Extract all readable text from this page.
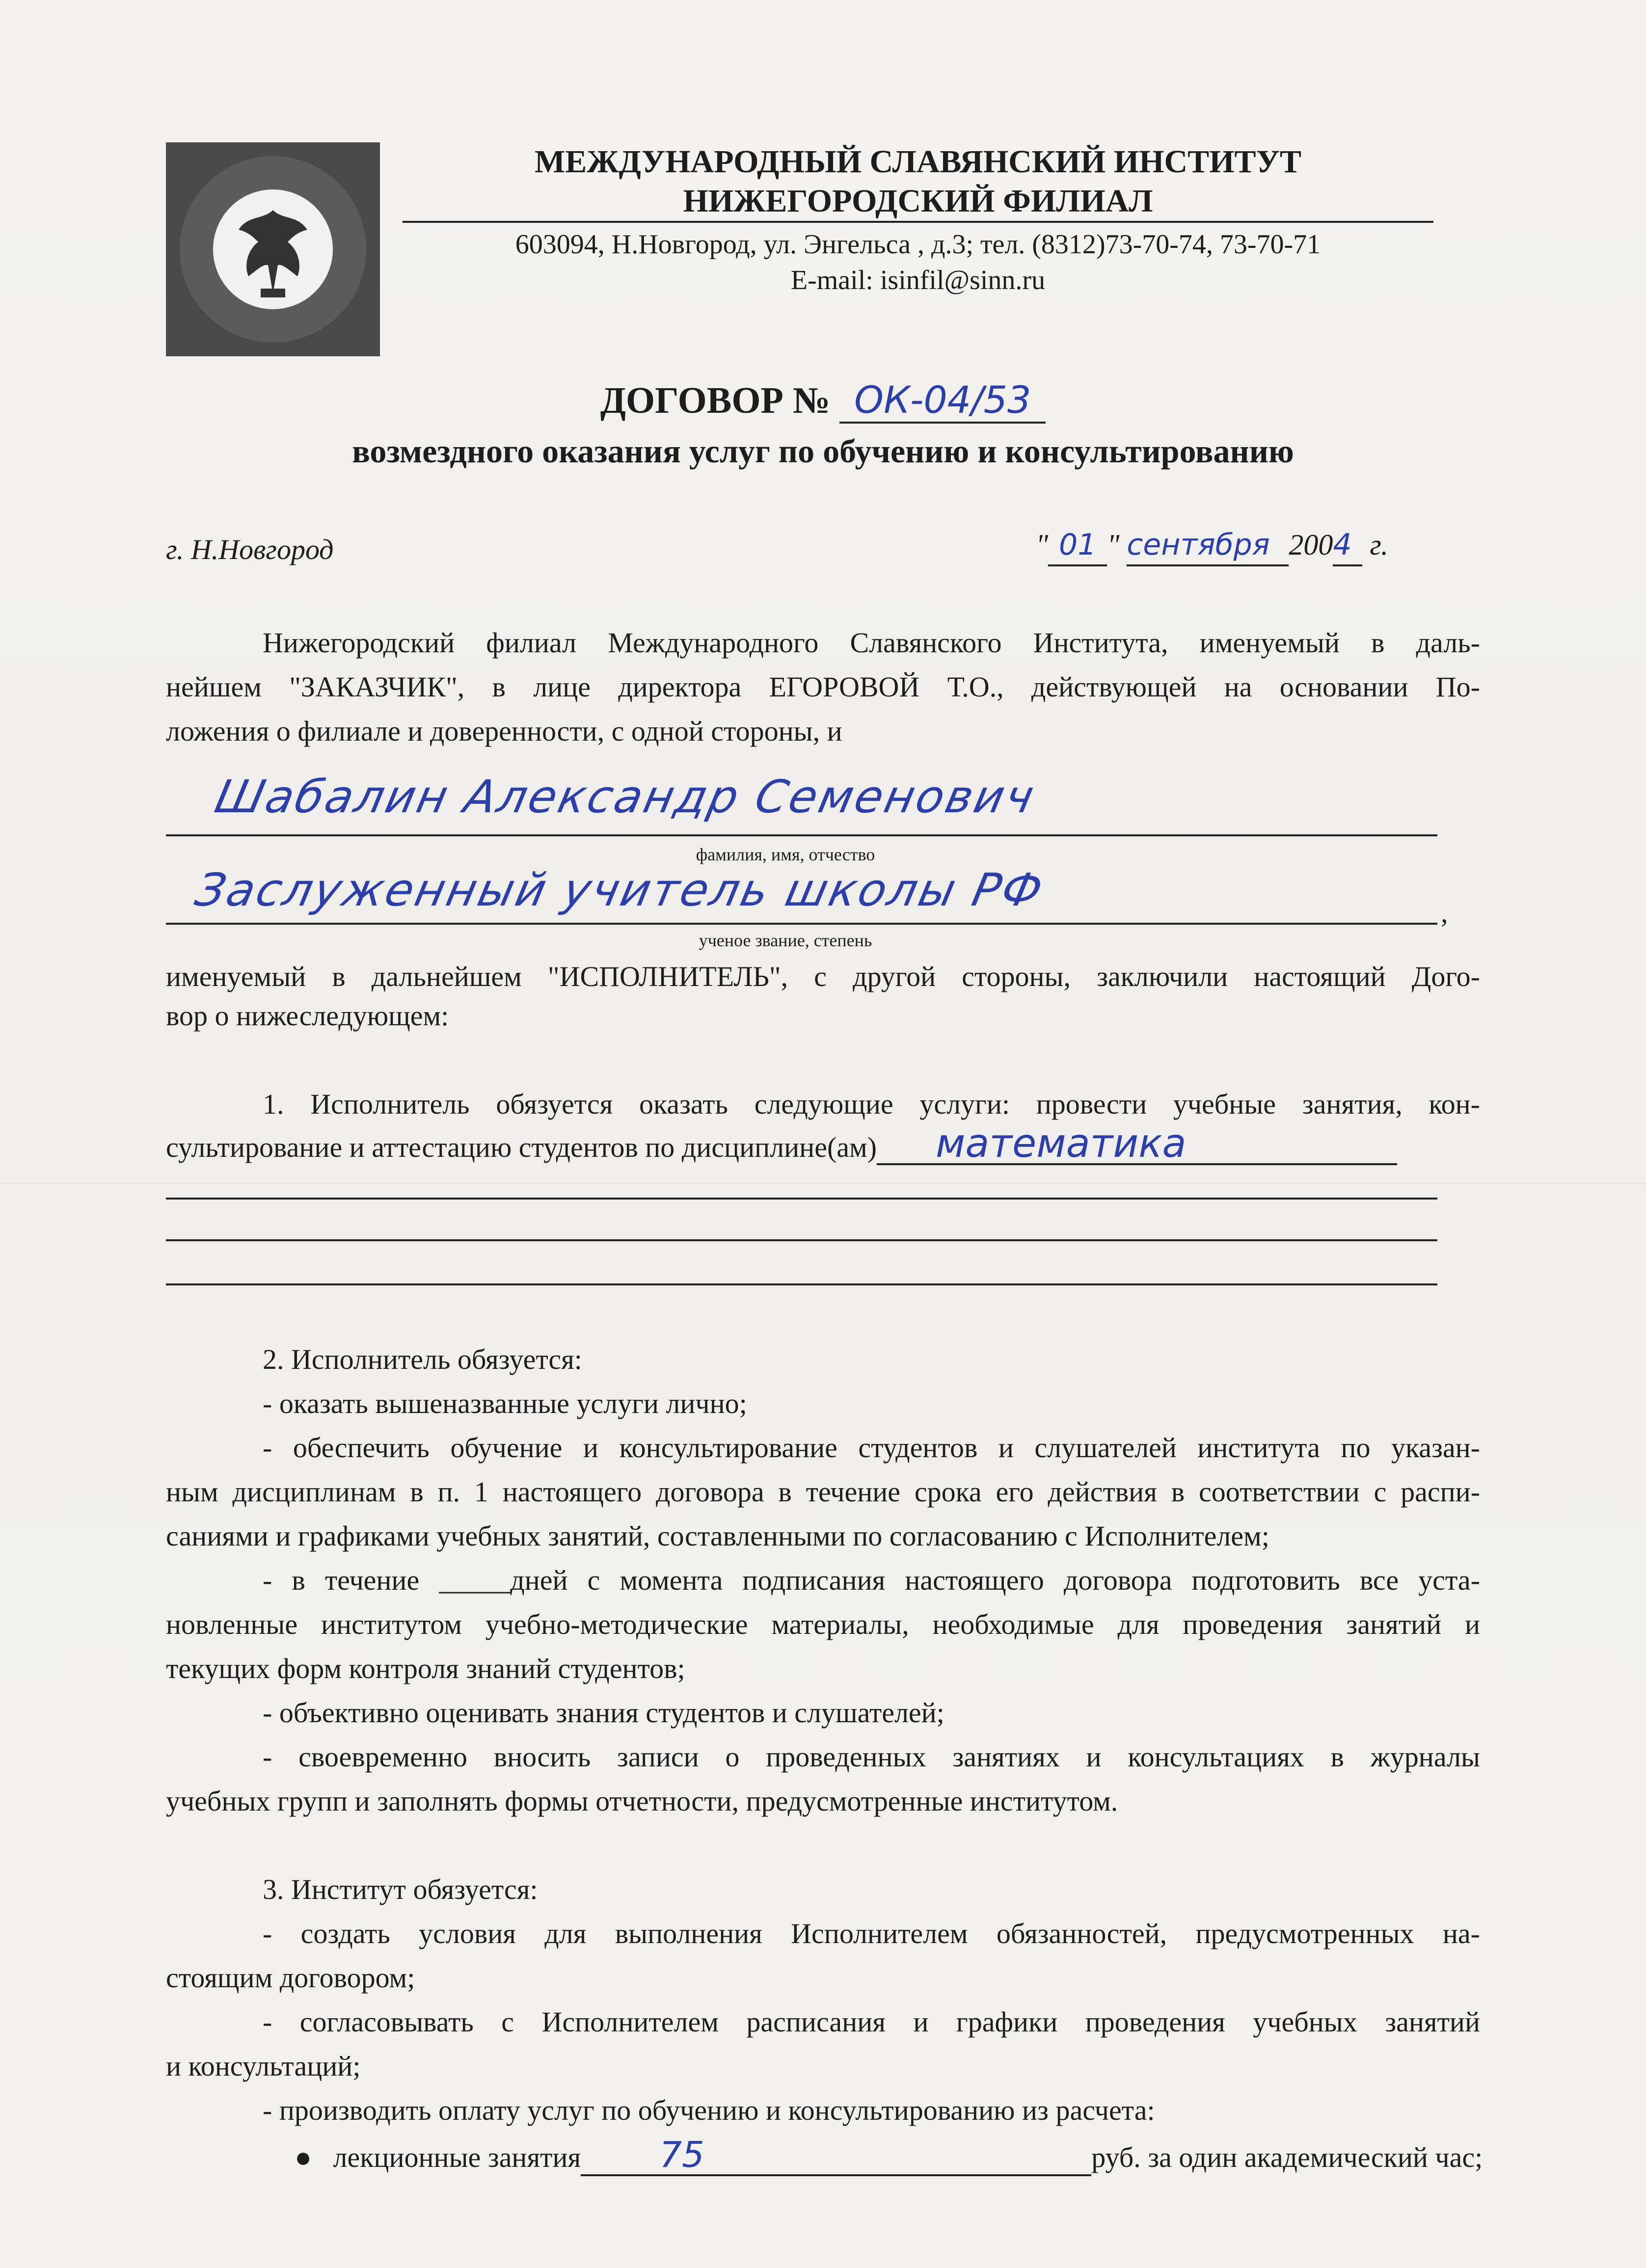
МЕЖДУНАРОДНЫЙ СЛАВЯНСКИЙ ИНСТИТУТ
НИЖЕГОРОДСКИЙ ФИЛИАЛ
603094, Н.Новгород, ул. Энгельса , д.3; тел. (8312)73-70-74, 73-70-71
E-mail: isinfil@sinn.ru
ДОГОВОР № ОК-04/53
возмездного оказания услуг по обучению и консультированию
г. Н.Новгород	" 01 " сентября 2004 г.
Нижегородский филиал Международного Славянского Института, именуемый в даль-
нейшем "ЗАКАЗЧИК", в лице директора ЕГОРОВОЙ Т.О., действующей на основании По-
ложения о филиале и доверенности, с одной стороны, и
Шабалин Александр Семенович
фамилия, имя, отчество
Заслуженный учитель школы РФ	,
ученое звание, степень
именуемый в дальнейшем "ИСПОЛНИТЕЛЬ", с другой стороны, заключили настоящий Дого-
вор о нижеследующем:
1. Исполнитель обязуется оказать следующие услуги: провести учебные занятия, кон-
сультирование и аттестацию студентов по дисциплине(ам) математика
2. Исполнитель обязуется:
- оказать вышеназванные услуги лично;
- обеспечить обучение и консультирование студентов и слушателей института по указан-
ным дисциплинам в п. 1 настоящего договора в течение срока его действия в соответствии с распи-
саниями и графиками учебных занятий, составленными по согласованию с Исполнителем;
- в течение _____дней с момента подписания настоящего договора подготовить все уста-
новленные институтом учебно-методические материалы, необходимые для проведения занятий и
текущих форм контроля знаний студентов;
- объективно оценивать знания студентов и слушателей;
- своевременно вносить записи о проведенных занятиях и консультациях в журналы
учебных групп и заполнять формы отчетности, предусмотренные институтом.
3. Институт обязуется:
- создать условия для выполнения Исполнителем обязанностей, предусмотренных на-
стоящим договором;
- согласовывать с Исполнителем расписания и графики проведения учебных занятий
и консультаций;
- производить оплату услуг по обучению и консультированию из расчета:
●   лекционные занятия 75	руб. за один академический час;
